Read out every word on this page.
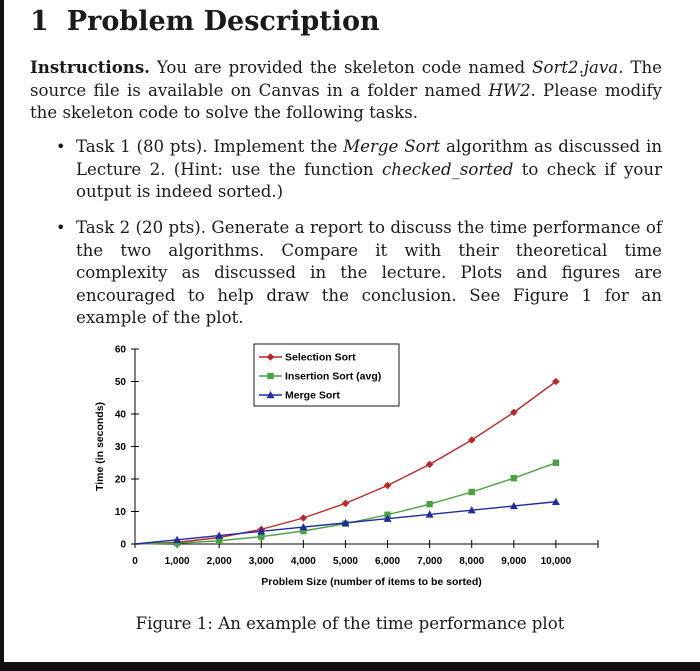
1 Problem Description
Instructions. You are provided the skeleton code named Sort2.java. The source file is available on Canvas in a folder named HW2. Please modify the skeleton code to solve the following tasks.
• Task 1 (80 pts). Implement the Merge Sort algorithm as discussed in Lecture 2. (Hint: use the function checked_sorted to check if your output is indeed sorted.)
• Task 2 (20 pts). Generate a report to discuss the time performance of the two algorithms. Compare it with their theoretical time complexity as discussed in the lecture. Plots and figures are encouraged to help draw the conclusion. See Figure 1 for an example of the plot.
0
10
20
30
40
50
60
0	1,000 2,000 3,000 4,000 5,000 6,000 7,000 8,000 9,000 10,000
Problem Size (number of items to be sorted)
Time (in seconds)
Selection Sort
Insertion Sort (avg)
Merge Sort
Figure 1: An example of the time performance plot
